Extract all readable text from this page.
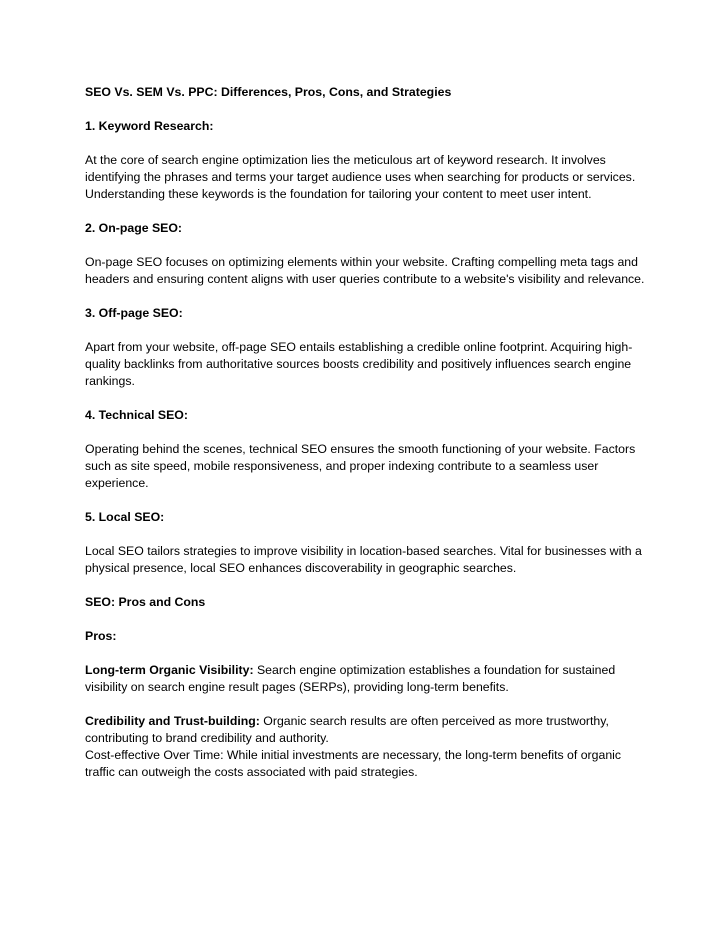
SEO Vs. SEM Vs. PPC: Differences, Pros, Cons, and Strategies

1. Keyword Research:

At the core of search engine optimization lies the meticulous art of keyword research. It involves identifying the phrases and terms your target audience uses when searching for products or services. Understanding these keywords is the foundation for tailoring your content to meet user intent.

2. On-page SEO:

On-page SEO focuses on optimizing elements within your website. Crafting compelling meta tags and headers and ensuring content aligns with user queries contribute to a website's visibility and relevance.

3. Off-page SEO:

Apart from your website, off-page SEO entails establishing a credible online footprint. Acquiring high-quality backlinks from authoritative sources boosts credibility and positively influences search engine rankings.

4. Technical SEO:

Operating behind the scenes, technical SEO ensures the smooth functioning of your website. Factors such as site speed, mobile responsiveness, and proper indexing contribute to a seamless user experience.

5. Local SEO:

Local SEO tailors strategies to improve visibility in location-based searches. Vital for businesses with a physical presence, local SEO enhances discoverability in geographic searches.

SEO: Pros and Cons

Pros:

Long-term Organic Visibility: Search engine optimization establishes a foundation for sustained visibility on search engine result pages (SERPs), providing long-term benefits.

Credibility and Trust-building: Organic search results are often perceived as more trustworthy, contributing to brand credibility and authority.

Cost-effective Over Time: While initial investments are necessary, the long-term benefits of organic traffic can outweigh the costs associated with paid strategies.
